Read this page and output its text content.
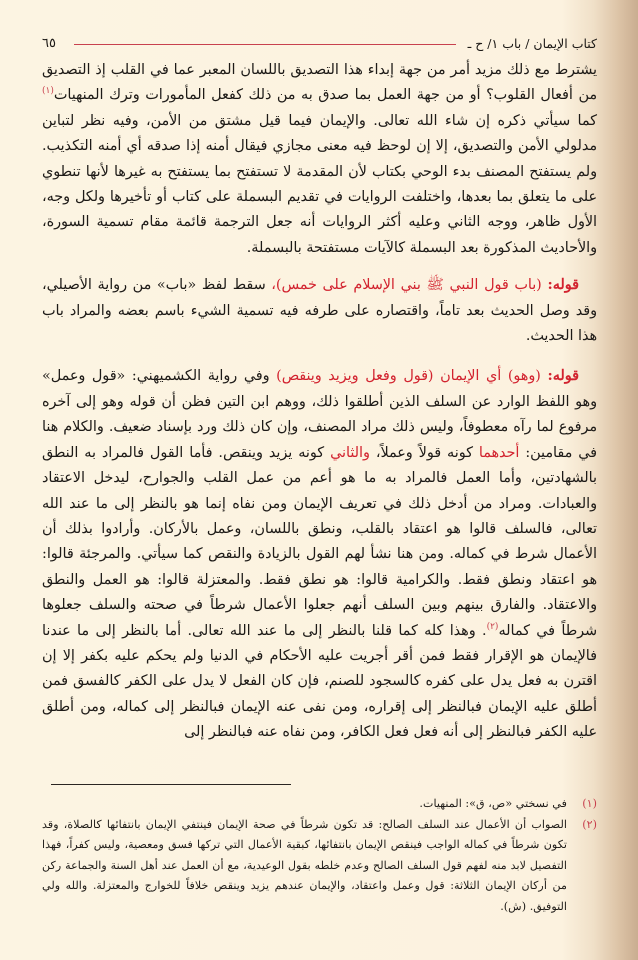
كتاب الإيمان / باب ١/ ح ـ
٦٥

يشترط مع ذلك مزيد أمر من جهة إبداء هذا التصديق باللسان المعبر عما في القلب إذ التصديق من أفعال القلوب؟ أو من جهة العمل بما صدق به من ذلك كفعل المأمورات وترك المنهيات$^{(١)}$ كما سيأتي ذكره إن شاء الله تعالى. والإيمان فيما قيل مشتق من الأمن، وفيه نظر لتباين مدلولي الأمن والتصديق، إلا إن لوحظ فيه معنى مجازي فيقال أمنه إذا صدقه أي أمنه التكذيب. ولم يستفتح المصنف بدء الوحي بكتاب لأن المقدمة لا تستفتح بما يستفتح به غيرها لأنها تنطوي على ما يتعلق بما بعدها، واختلفت الروايات في تقديم البسملة على كتاب أو تأخيرها ولكل وجه، الأول ظاهر، ووجه الثاني وعليه أكثر الروايات أنه جعل الترجمة قائمة مقام تسمية السورة، والأحاديث المذكورة بعد البسملة كالآيات مستفتحة بالبسملة.

قوله: (باب قول النبي ﷺ بني الإسلام على خمس)، سقط لفظ «باب» من رواية الأصيلي، وقد وصل الحديث بعد تاماً، واقتصاره على طرفه فيه تسمية الشيء باسم بعضه والمراد باب هذا الحديث.

قوله: (وهو) أي الإيمان (قول وفعل ويزيد وينقص) وفي رواية الكشميهني: «قول وعمل» وهو اللفظ الوارد عن السلف الذين أطلقوا ذلك، ووهم ابن التين فظن أن قوله وهو إلى آخره مرفوع لما رآه معطوفاً، وليس ذلك مراد المصنف، وإن كان ذلك ورد بإسناد ضعيف. والكلام هنا في مقامين: أحدهما كونه قولاً وعملاً، والثاني كونه يزيد وينقص. فأما القول فالمراد به النطق بالشهادتين، وأما العمل فالمراد به ما هو أعم من عمل القلب والجوارح، ليدخل الاعتقاد والعبادات. ومراد من أدخل ذلك في تعريف الإيمان ومن نفاه إنما هو بالنظر إلى ما عند الله تعالى، فالسلف قالوا هو اعتقاد بالقلب، ونطق باللسان، وعمل بالأركان. وأرادوا بذلك أن الأعمال شرط في كماله. ومن هنا نشأ لهم القول بالزيادة والنقص كما سيأتي. والمرجئة قالوا: هو اعتقاد ونطق فقط. والكرامية قالوا: هو نطق فقط. والمعتزلة قالوا: هو العمل والنطق والاعتقاد. والفارق بينهم وبين السلف أنهم جعلوا الأعمال شرطاً في صحته والسلف جعلوها شرطاً في كماله$^{(٢)}$. وهذا كله كما قلنا بالنظر إلى ما عند الله تعالى. أما بالنظر إلى ما عندنا فالإيمان هو الإقرار فقط فمن أقر أجريت عليه الأحكام في الدنيا ولم يحكم عليه بكفر إلا إن اقترن به فعل يدل على كفره كالسجود للصنم، فإن كان الفعل لا يدل على الكفر كالفسق فمن أطلق عليه الإيمان فبالنظر إلى إقراره، ومن نفى عنه الإيمان فبالنظر إلى كماله، ومن أطلق عليه الكفر فبالنظر إلى أنه فعل فعل الكافر، ومن نفاه عنه فبالنظر إلى

(١)
في نسختي «ص، ق»: المنهيات.
(٢)
الصواب أن الأعمال عند السلف الصالح: قد تكون شرطاً في صحة الإيمان فينتفي الإيمان بانتفائها كالصلاة، وقد تكون شرطاً في كماله الواجب فينقص الإيمان بانتفائها، كبقية الأعمال التي تركها فسق ومعصية، وليس كفراً، فهذا التفصيل لابد منه لفهم قول السلف الصالح وعدم خلطه بقول الوعيدية، مع أن العمل عند أهل السنة والجماعة ركن من أركان الإيمان الثلاثة: قول وعمل واعتقاد، والإيمان عندهم يزيد وينقص خلافاً للخوارج والمعتزلة. والله ولي التوفيق. (ش).
